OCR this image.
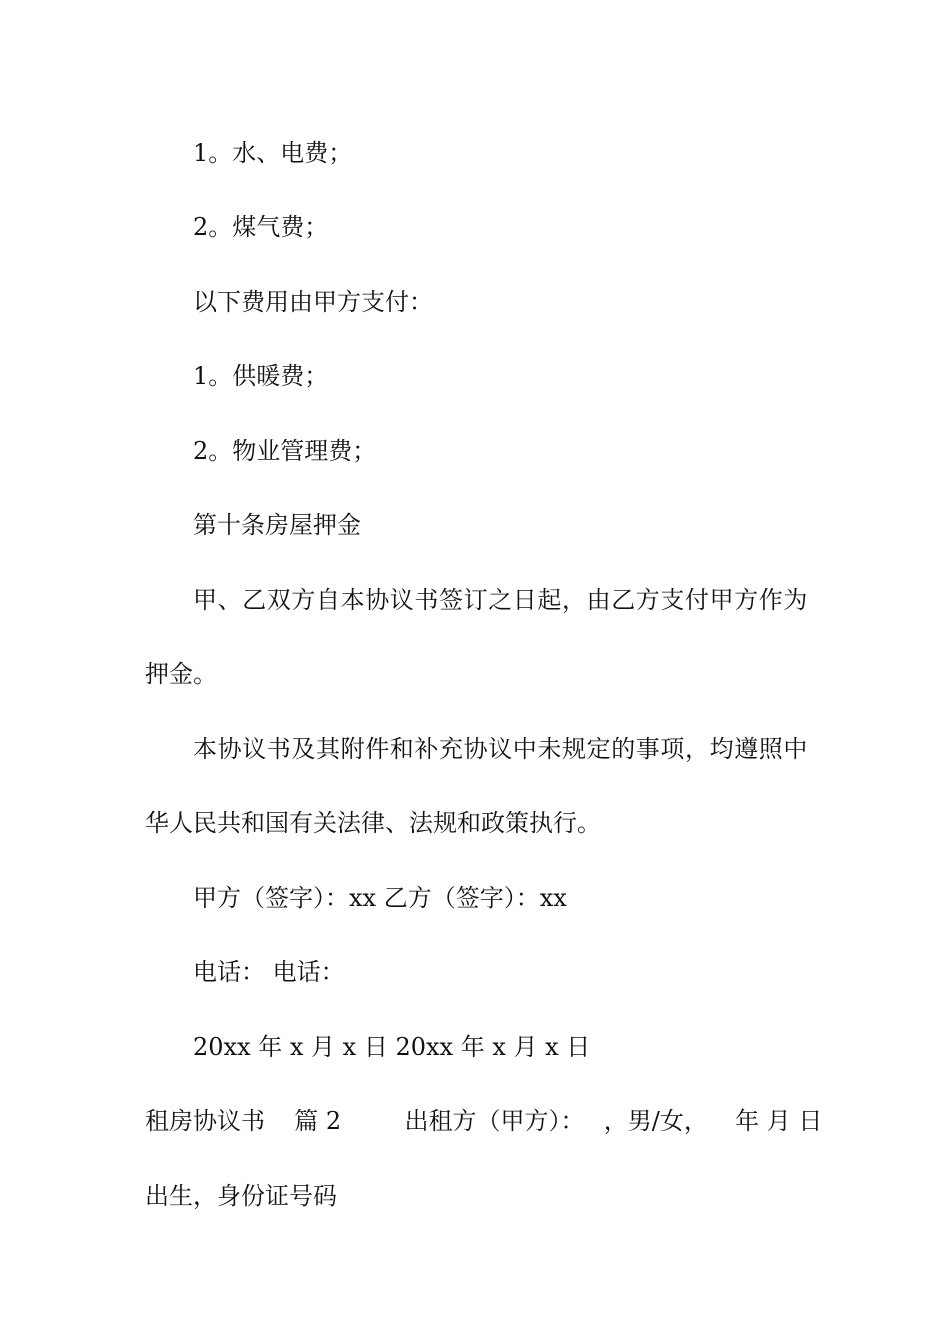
1。水、电费；
2。煤气费；
以下费用由甲方支付：
1。供暖费；
2。物业管理费；
第十条房屋押金
甲、乙双方自本协议书签订之日起，由乙方支付甲方作为
押金。
本协议书及其附件和补充协议中未规定的事项，均遵照中
华人民共和国有关法律、法规和政策执行。
甲方（签字）：xx 乙方（签字）：xx
电话： 电话：
20xx 年 x 月 x 日 20xx 年 x 月 x 日
租房协议书 篇 2	出租方（甲方）： ，男/女， 年 月 日
出生，身份证号码
